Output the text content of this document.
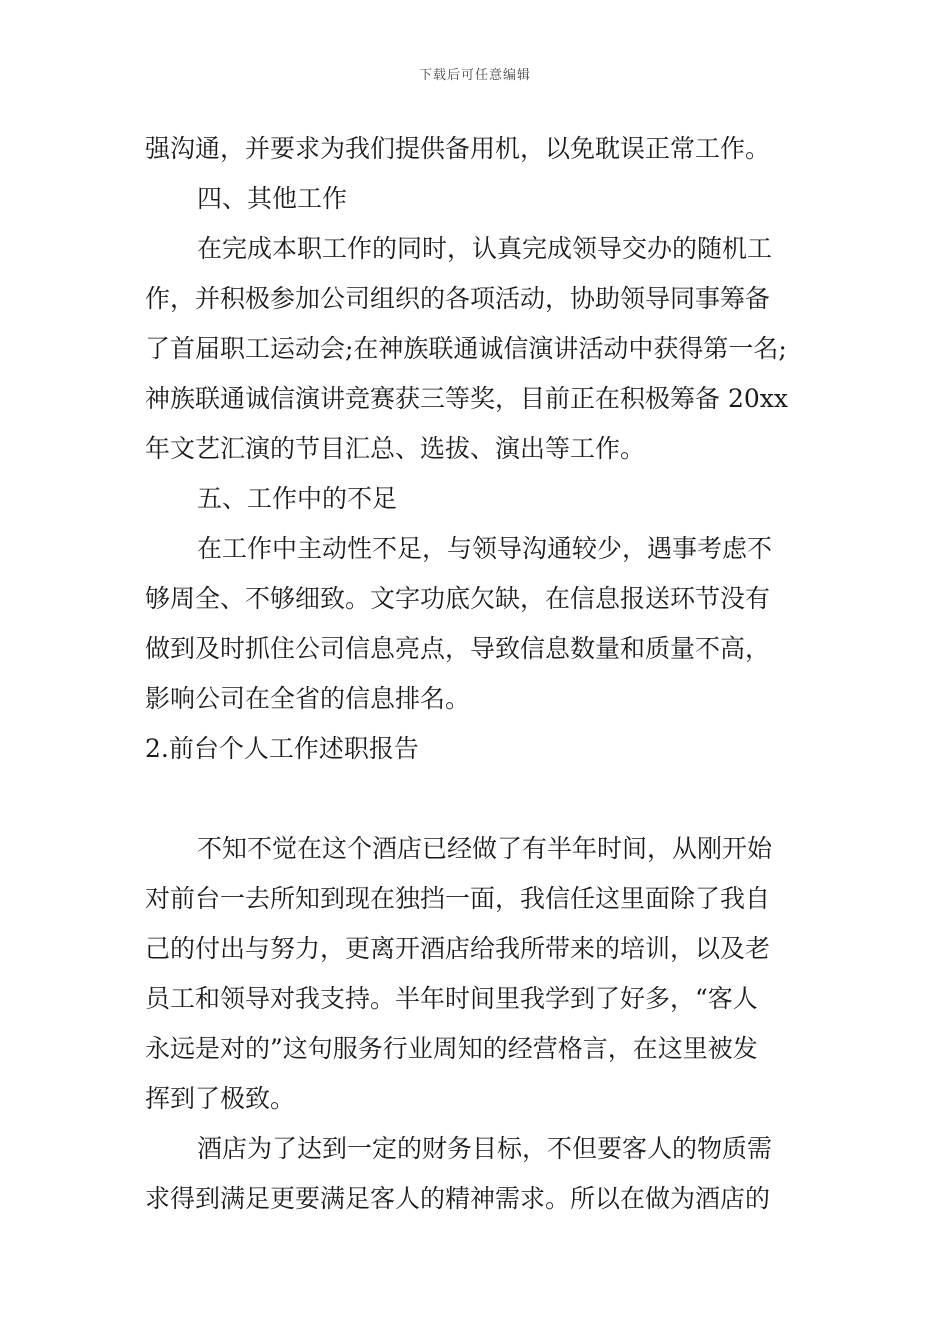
下载后可任意编辑
强沟通，并要求为我们提供备用机，以免耽误正常工作。
四、其他工作
在完成本职工作的同时，认真完成领导交办的随机工
作，并积极参加公司组织的各项活动，协助领导同事筹备
了首届职工运动会;在神族联通诚信演讲活动中获得第一名;
神族联通诚信演讲竞赛获三等奖，目前正在积极筹备 20xx
年文艺汇演的节目汇总、选拔、演出等工作。
五、工作中的不足
在工作中主动性不足，与领导沟通较少，遇事考虑不
够周全、不够细致。文字功底欠缺，在信息报送环节没有
做到及时抓住公司信息亮点，导致信息数量和质量不高，
影响公司在全省的信息排名。
2.前台个人工作述职报告
不知不觉在这个酒店已经做了有半年时间，从刚开始
对前台一去所知到现在独挡一面，我信任这里面除了我自
己的付出与努力，更离开酒店给我所带来的培训，以及老
员工和领导对我支持。半年时间里我学到了好多，“客人
永远是对的”这句服务行业周知的经营格言，在这里被发
挥到了极致。
酒店为了达到一定的财务目标，不但要客人的物质需
求得到满足更要满足客人的精神需求。所以在做为酒店的
